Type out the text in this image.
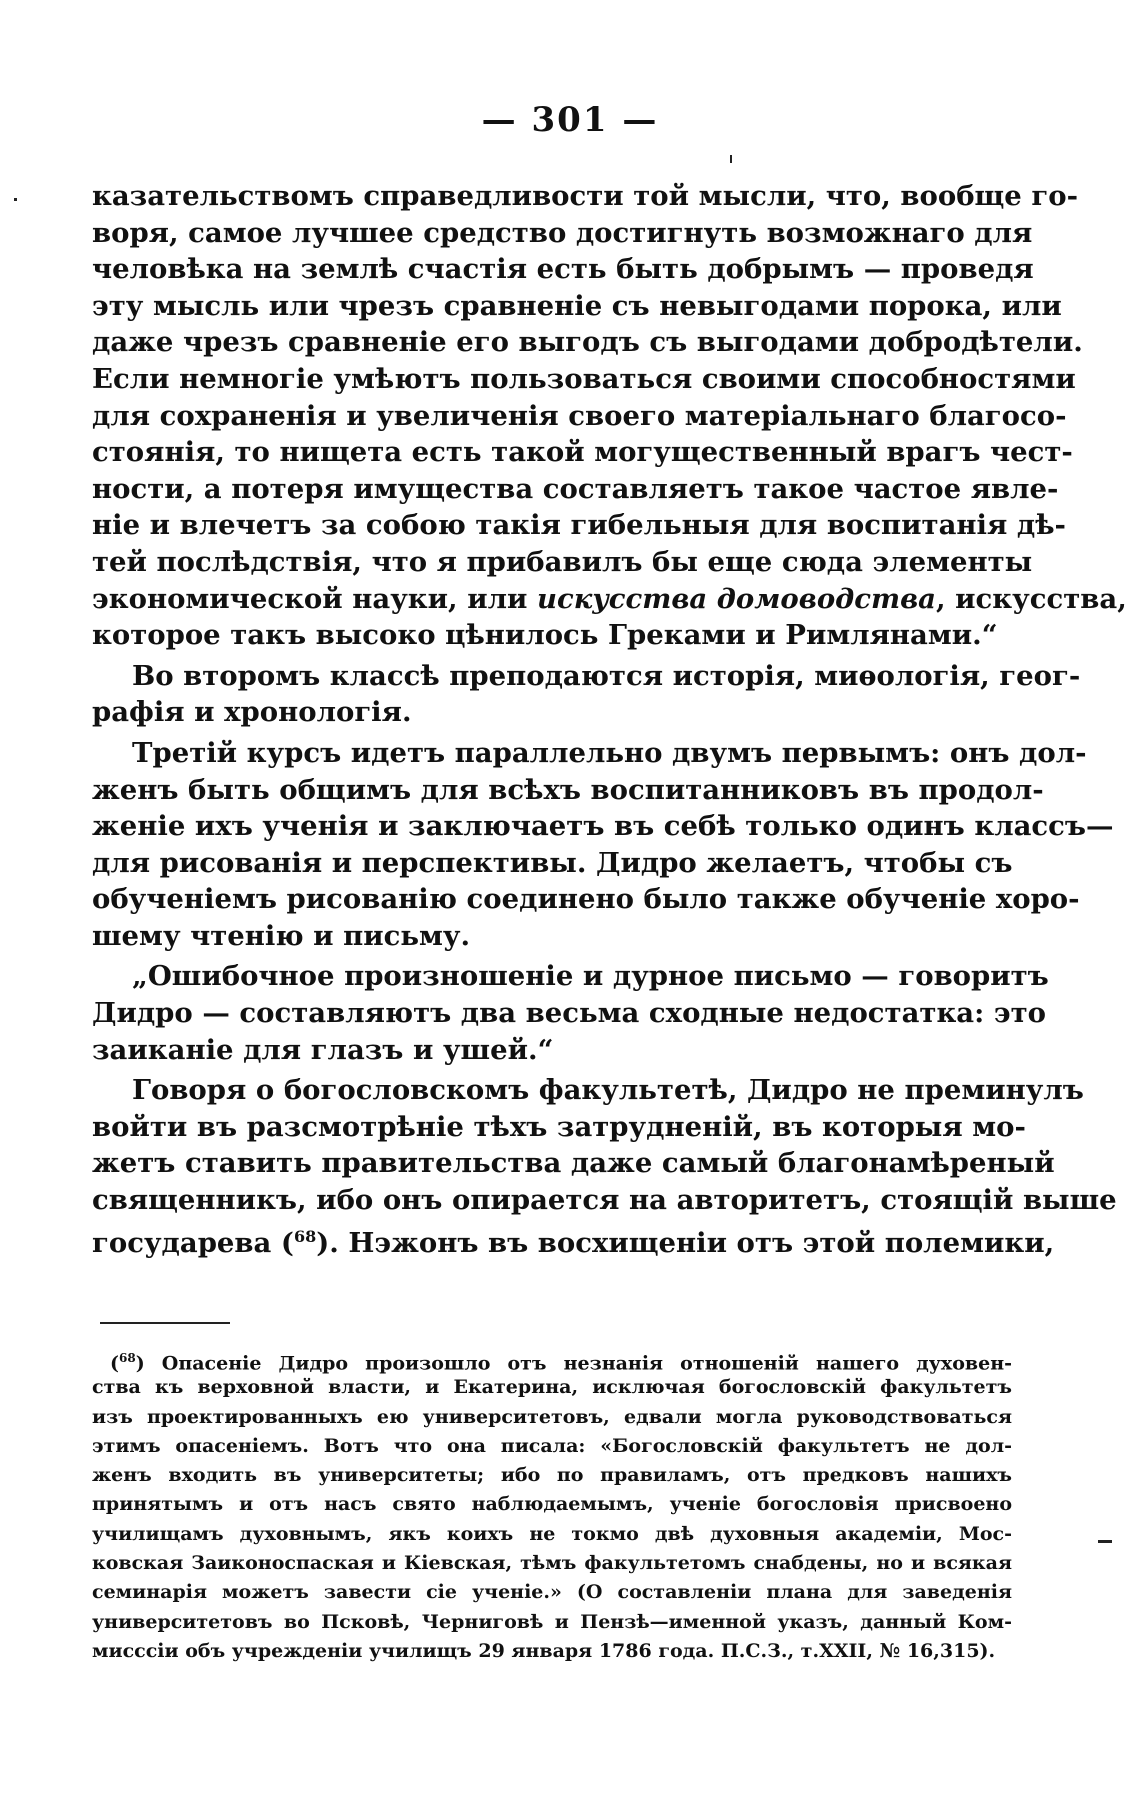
— 301 —
казательствомъ справедливости той мысли, что, вообще го-
воря, самое лучшее средство достигнуть возможнаго для
человѣка на землѣ счастія есть быть добрымъ — проведя
эту мысль или чрезъ сравненіе съ невыгодами порока, или
даже чрезъ сравненіе его выгодъ съ выгодами добродѣтели.
Если немногіе умѣютъ пользоваться своими способностями
для сохраненія и увеличенія своего матеріальнаго благосо-
стоянія, то нищета есть такой могущественный врагъ чест-
ности, а потеря имущества составляетъ такое частое явле-
ніе и влечетъ за собою такія гибельныя для воспитанія дѣ-
тей послѣдствія, что я прибавилъ бы еще сюда элементы
экономической науки, или искусства домоводства, искусства,
которое такъ высоко цѣнилось Греками и Римлянами.“
Во второмъ классѣ преподаются исторія, миѳологія, геог-
рафія и хронологія.
Третій курсъ идетъ параллельно двумъ первымъ: онъ дол-
женъ быть общимъ для всѣхъ воспитанниковъ въ продол-
женіе ихъ ученія и заключаетъ въ себѣ только одинъ классъ—
для рисованія и перспективы. Дидро желаетъ, чтобы съ
обученіемъ рисованію соединено было также обученіе хоро-
шему чтенію и письму.
„Ошибочное произношеніе и дурное письмо — говоритъ
Дидро — составляютъ два весьма сходные недостатка: это
заиканіе для глазъ и ушей.“
Говоря о богословскомъ факультетѣ, Дидро не преминулъ
войти въ разсмотрѣніе тѣхъ затрудненій, въ которыя мо-
жетъ ставить правительства даже самый благонамѣреный
священникъ, ибо онъ опирается на авторитетъ, стоящій выше
государева ($^{68}$). Нэжонъ въ восхищеніи отъ этой полемики,
($^{68}$) Опасеніе Дидро произошло отъ незнанія отношеній нашего духовен-
ства къ верховной власти, и Екатерина, исключая богословскій факультетъ
изъ проектированныхъ ею университетовъ, едвали могла руководствоваться
этимъ опасеніемъ. Вотъ что она писала: «Богословскій факультетъ не дол-
женъ входить въ университеты; ибо по правиламъ, отъ предковъ нашихъ
принятымъ и отъ насъ свято наблюдаемымъ, ученіе богословія присвоено
училищамъ духовнымъ, якъ коихъ не токмо двѣ духовныя академіи, Мос-
ковская Заиконоспаская и Кіевская, тѣмъ факультетомъ снабдены, но и всякая
семинарія можетъ завести сіе ученіе.» (О составленіи плана для заведенія
университетовъ во Псковѣ, Черниговѣ и Пензѣ—именной указъ, данный Ком-
мисссіи объ учрежденіи училищъ 29 января 1786 года. П.С.З., т.XXII, № 16,315).
